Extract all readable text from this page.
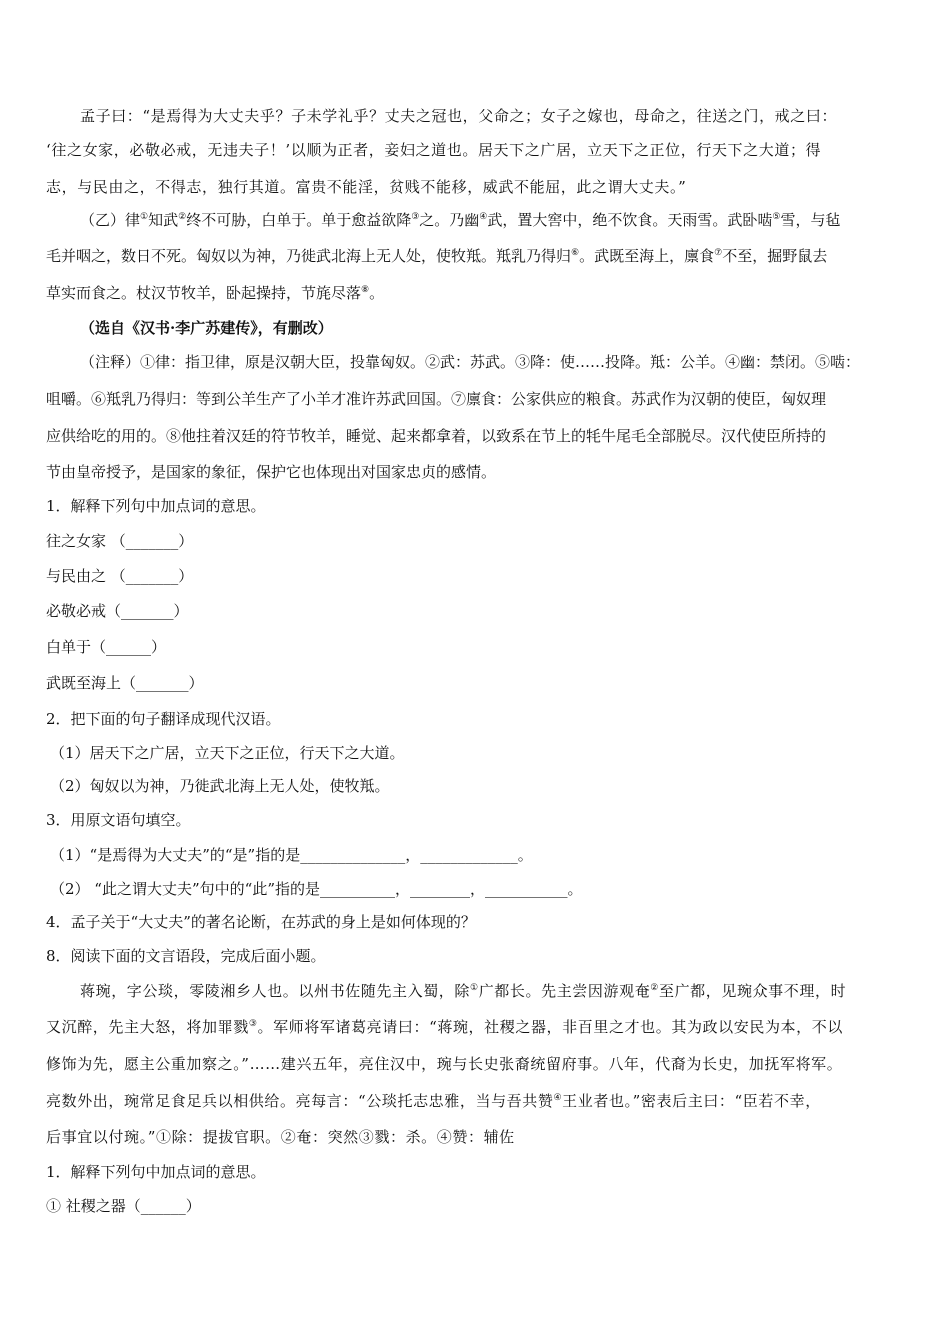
孟子曰：“是焉得为大丈夫乎？子未学礼乎？丈夫之冠也，父命之；女子之嫁也，母命之，往送之门，戒之曰：
‘往之女家，必敬必戒，无违夫子！’以顺为正者，妾妇之道也。居天下之广居，立天下之正位，行天下之大道；得
志，与民由之，不得志，独行其道。富贵不能淫，贫贱不能移，威武不能屈，此之谓大丈夫。”
（乙）律①知武②终不可胁，白单于。单于愈益欲降③之。乃幽④武，置大窖中，绝不饮食。天雨雪。武卧啮⑤雪，与毡
毛并咽之，数日不死。匈奴以为神，乃徙武北海上无人处，使牧羝。羝乳乃得归⑥。武既至海上，廪食⑦不至，掘野鼠去
草实而食之。杖汉节牧羊，卧起操持，节旄尽落⑧。
（选自《汉书·李广苏建传》，有删改）
（注释）①律：指卫律，原是汉朝大臣，投靠匈奴。②武：苏武。③降：使……投降。羝：公羊。④幽：禁闭。⑤啮：
咀嚼。⑥羝乳乃得归：等到公羊生产了小羊才准许苏武回国。⑦廪食：公家供应的粮食。苏武作为汉朝的使臣，匈奴理
应供给吃的用的。⑧他拄着汉廷的符节牧羊，睡觉、起来都拿着，以致系在节上的牦牛尾毛全部脱尽。汉代使臣所持的
节由皇帝授予，是国家的象征，保护它也体现出对国家忠贞的感情。
1．解释下列句中加点词的意思。
往之女家 （_______）
与民由之 （_______）
必敬必戒（_______）
白单于（______）
武既至海上（_______）
2．把下面的句子翻译成现代汉语。
（1）居天下之广居，立天下之正位，行天下之大道。
（2）匈奴以为神，乃徙武北海上无人处，使牧羝。
3．用原文语句填空。
（1）“是焉得为大丈夫”的“是”指的是______________，_____________。
（2） “此之谓大丈夫”句中的“此”指的是__________，________，___________。
4．孟子关于“大丈夫”的著名论断，在苏武的身上是如何体现的？
8．阅读下面的文言语段，完成后面小题。
蒋琬，字公琰，零陵湘乡人也。以州书佐随先主入蜀，除①广都长。先主尝因游观奄②至广都，见琬众事不理，时
又沉醉，先主大怒，将加罪戮③。军师将军诸葛亮请曰：“蒋琬，社稷之器，非百里之才也。其为政以安民为本，不以
修饰为先，愿主公重加察之。”……建兴五年，亮住汉中，琬与长史张裔统留府事。八年，代裔为长史，加抚军将军。
亮数外出，琬常足食足兵以相供给。亮每言：“公琰托志忠雅，当与吾共赞④王业者也。”密表后主曰：“臣若不幸，
后事宜以付琬。”①除：提拔官职。②奄：突然③戮：杀。④赞：辅佐
1．解释下列句中加点词的意思。
① 社稷之器（______）
